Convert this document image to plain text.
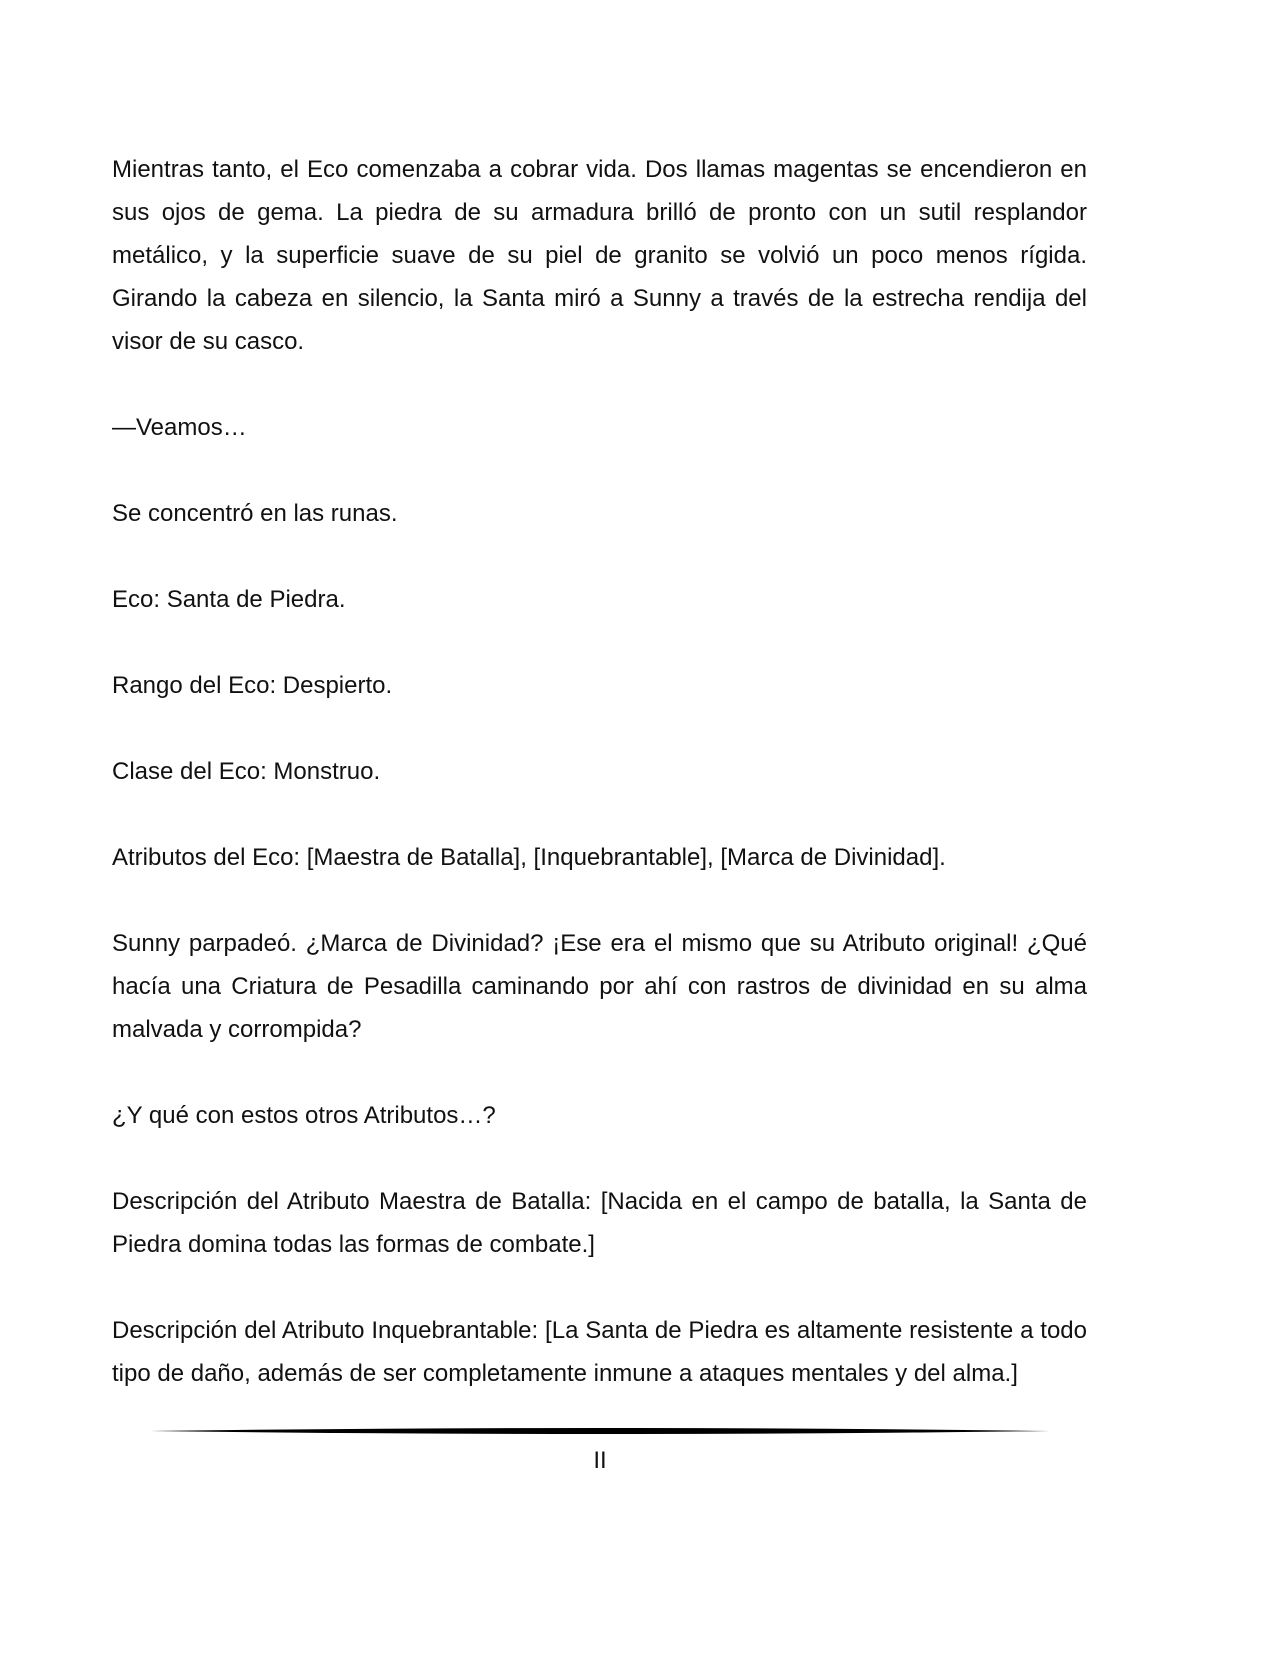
Mientras tanto, el Eco comenzaba a cobrar vida. Dos llamas magentas se encendieron en sus ojos de gema. La piedra de su armadura brilló de pronto con un sutil resplandor metálico, y la superficie suave de su piel de granito se volvió un poco menos rígida. Girando la cabeza en silencio, la Santa miró a Sunny a través de la estrecha rendija del visor de su casco.

—Veamos…

Se concentró en las runas.

Eco: Santa de Piedra.

Rango del Eco: Despierto.

Clase del Eco: Monstruo.

Atributos del Eco: [Maestra de Batalla], [Inquebrantable], [Marca de Divinidad].

Sunny parpadeó. ¿Marca de Divinidad? ¡Ese era el mismo que su Atributo original! ¿Qué hacía una Criatura de Pesadilla caminando por ahí con rastros de divinidad en su alma malvada y corrompida?

¿Y qué con estos otros Atributos…?

Descripción del Atributo Maestra de Batalla: [Nacida en el campo de batalla, la Santa de Piedra domina todas las formas de combate.]

Descripción del Atributo Inquebrantable: [La Santa de Piedra es altamente resistente a todo tipo de daño, además de ser completamente inmune a ataques mentales y del alma.]

II
